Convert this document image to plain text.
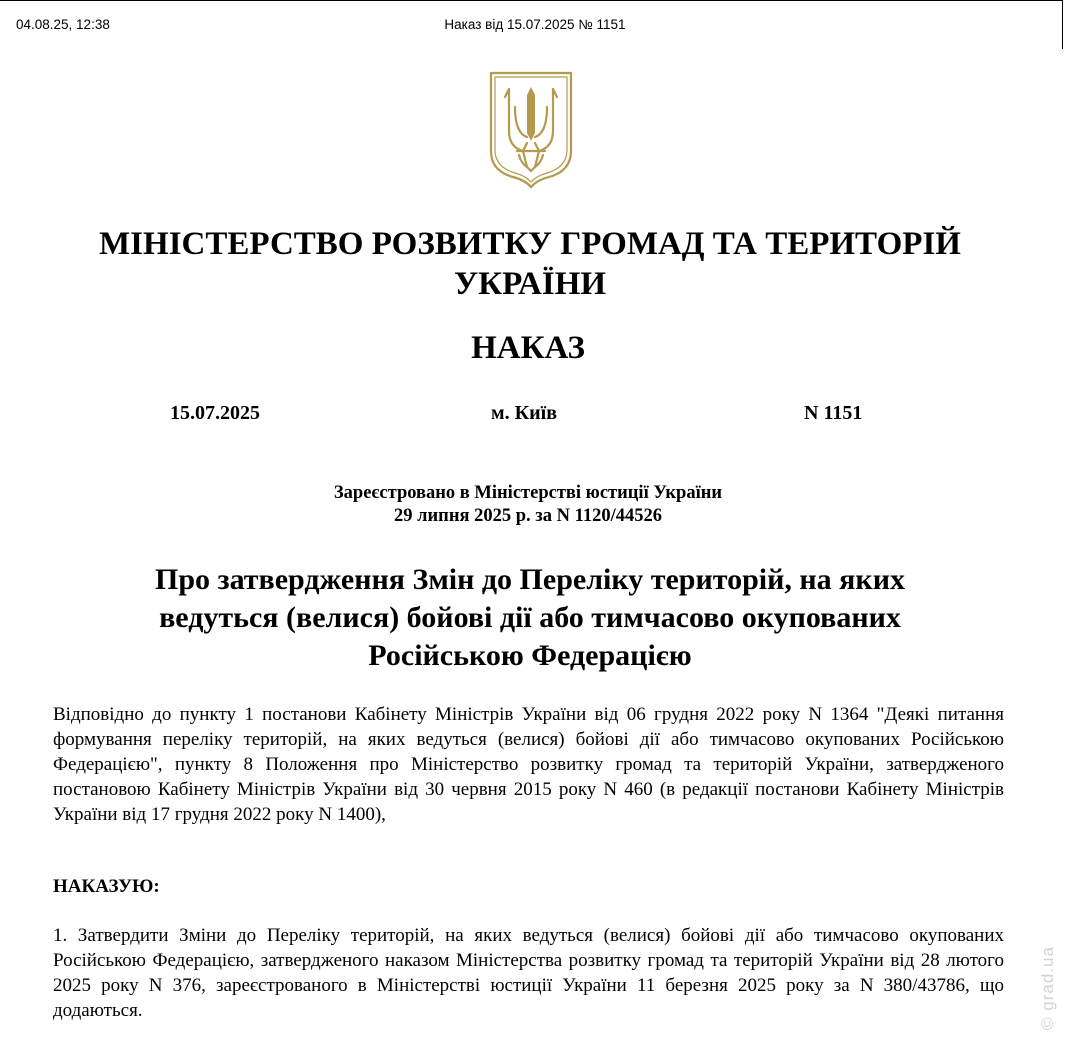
04.08.25, 12:38	Наказ від 15.07.2025 № 1151
МІНІСТЕРСТВО РОЗВИТКУ ГРОМАД ТА ТЕРИТОРІЙ
УКРАЇНИ
НАКАЗ
15.07.2025	м. Київ	N 1151
Зареєстровано в Міністерстві юстиції України
29 липня 2025 р. за N 1120/44526
Про затвердження Змін до Переліку територій, на яких
ведуться (велися) бойові дії або тимчасово окупованих
Російською Федерацією
Відповідно до пункту 1 постанови Кабінету Міністрів України від 06 грудня 2022 року N 1364 "Деякі питання формування переліку територій, на яких ведуться (велися) бойові дії або тимчасово окупованих Російською Федерацією", пункту 8 Положення про Міністерство розвитку громад та територій України, затвердженого постановою Кабінету Міністрів України від 30 червня 2015 року N 460 (в редакції постанови Кабінету Міністрів України від 17 грудня 2022 року N 1400),
НАКАЗУЮ:
1. Затвердити Зміни до Переліку територій, на яких ведуться (велися) бойові дії або тимчасово окупованих Російською Федерацією, затвердженого наказом Міністерства розвитку громад та територій України від 28 лютого 2025 року N 376, зареєстрованого в Міністерстві юстиції України 11 березня 2025 року за N 380/43786, що додаються.	© grad.ua
